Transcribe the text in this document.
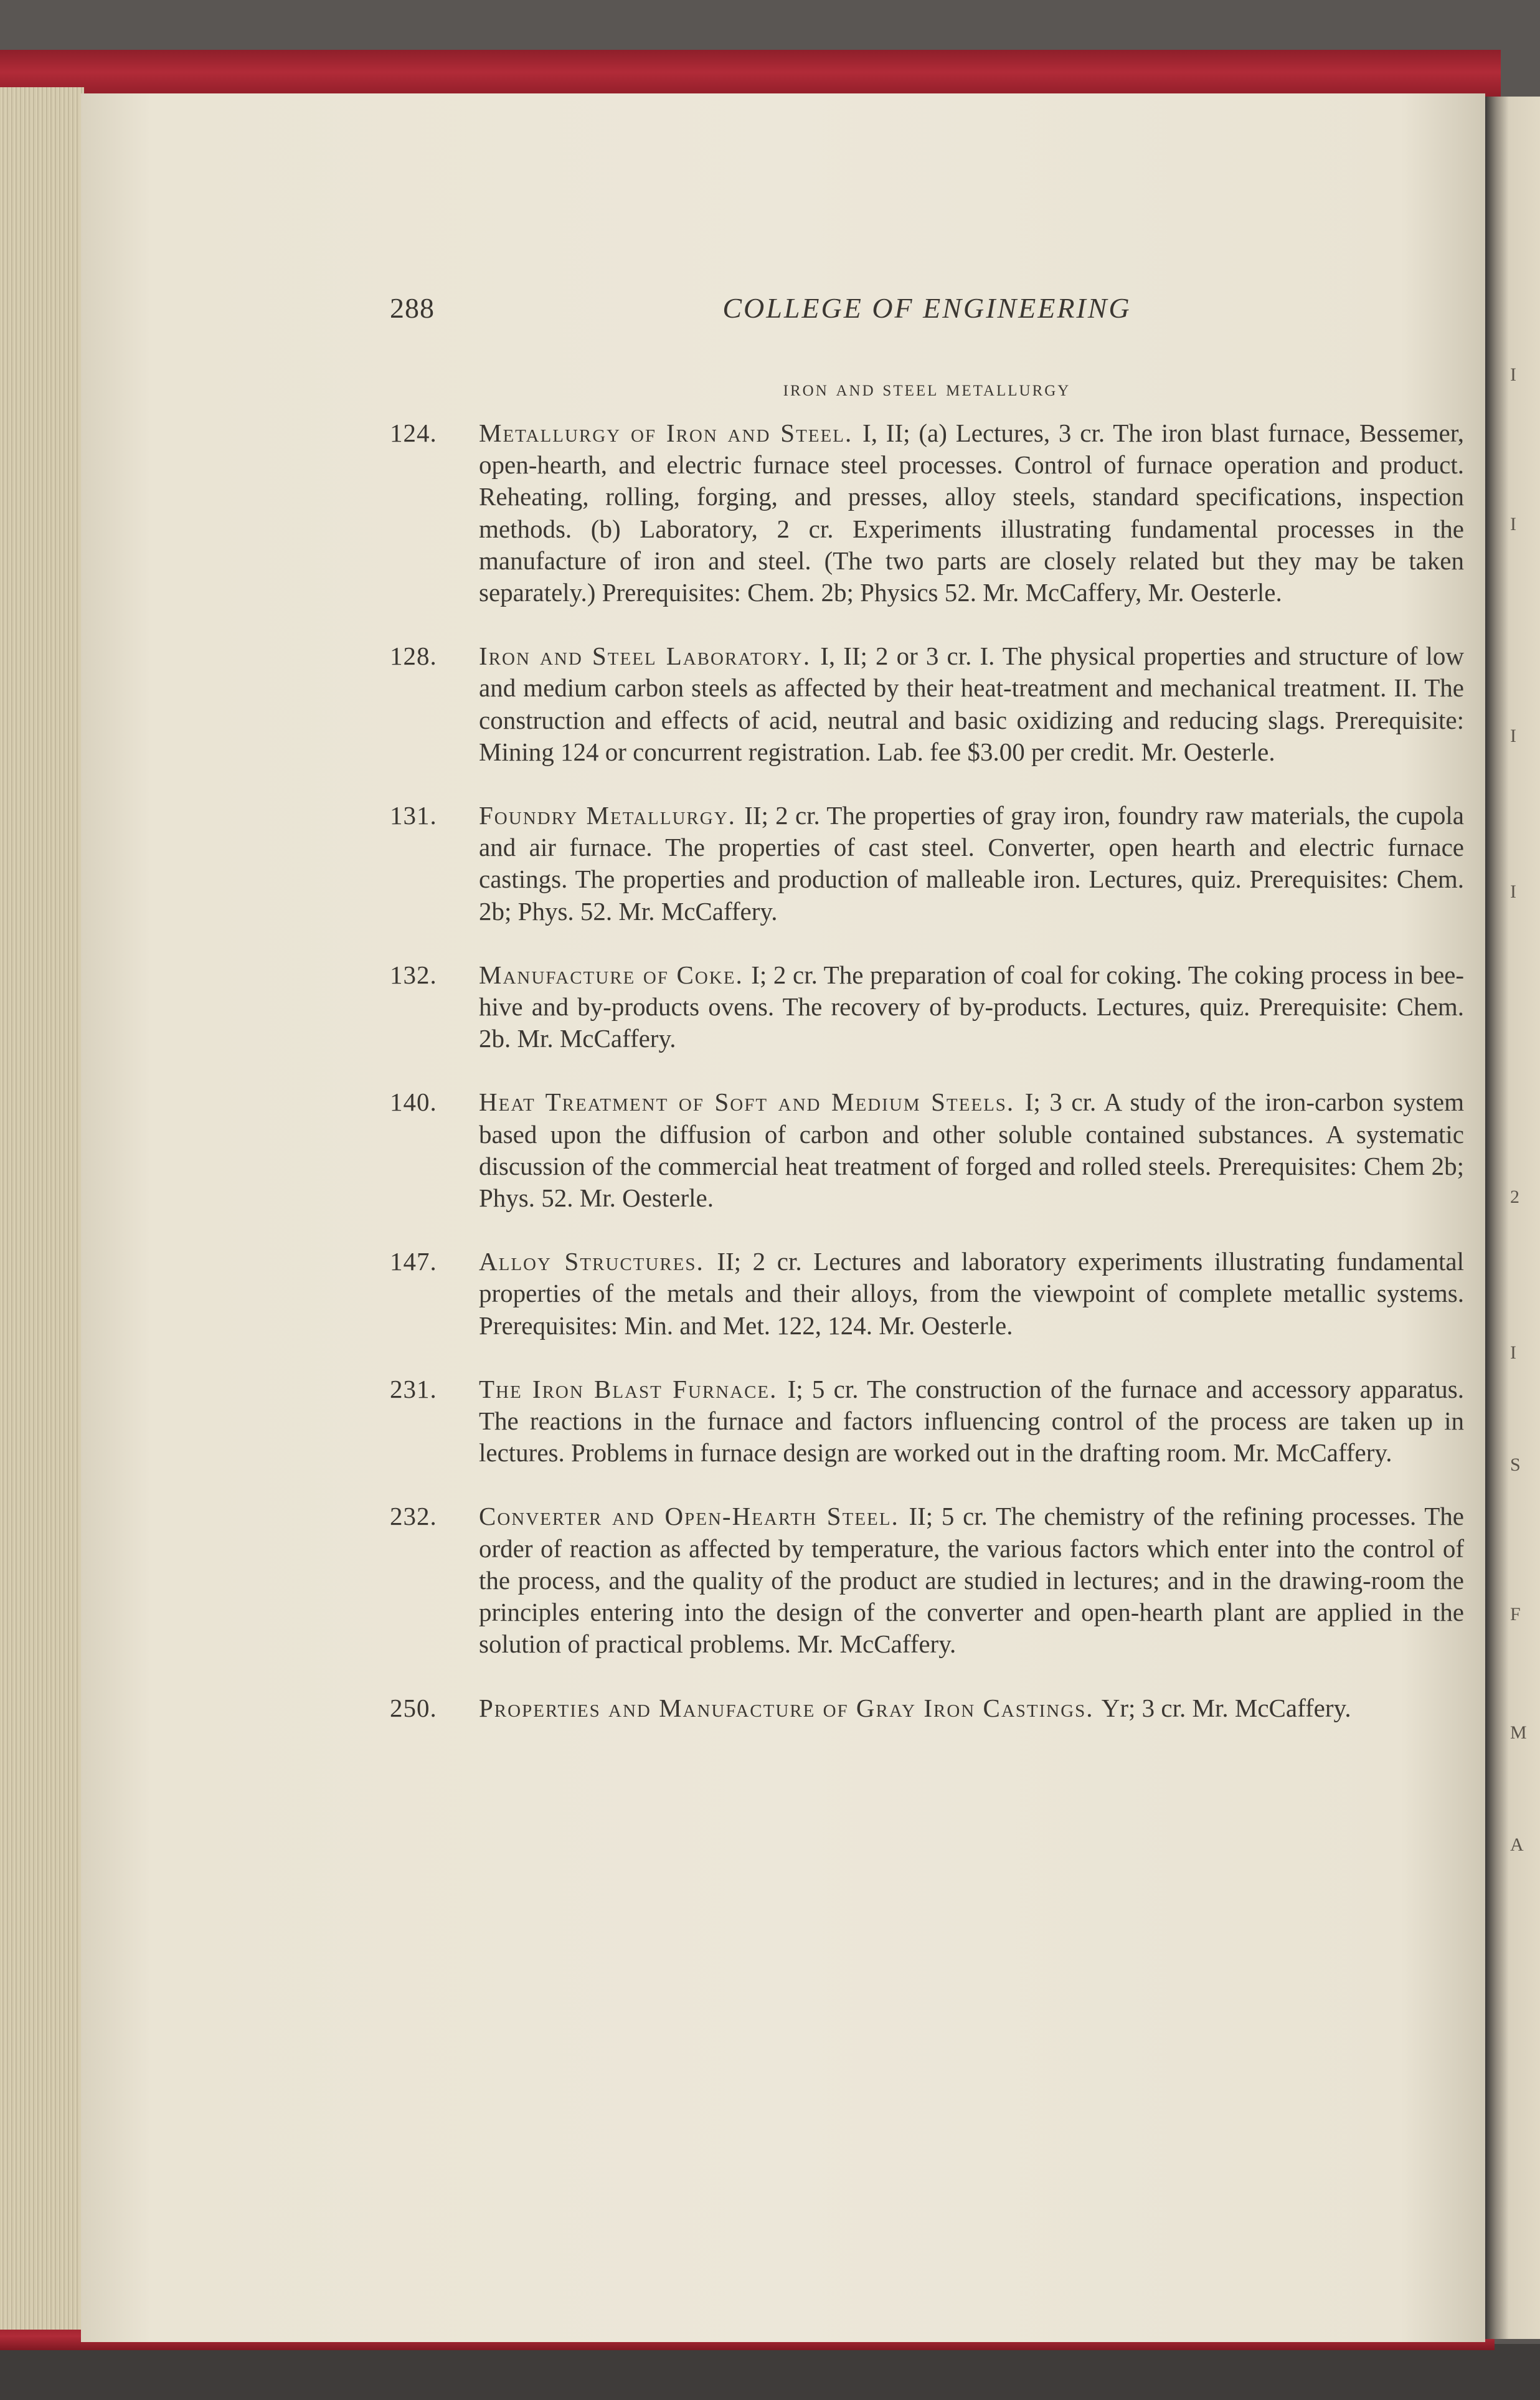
I
I
I
I
2
I
S
F
M
A
288	COLLEGE OF ENGINEERING
iron and steel metallurgy
124. Metallurgy of Iron and Steel. I, II; (a) Lectures, 3 cr. The iron blast furnace, Bessemer, open-hearth, and electric furnace steel processes. Control of furnace operation and product. Reheating, rolling, forging, and presses, alloy steels, standard specifications, inspection methods. (b) Laboratory, 2 cr. Experiments illustrating fundamental processes in the manufacture of iron and steel. (The two parts are closely related but they may be taken separately.) Prerequisites: Chem. 2b; Physics 52. Mr. McCaffery, Mr. Oesterle.
128. Iron and Steel Laboratory. I, II; 2 or 3 cr. I. The physical properties and structure of low and medium carbon steels as affected by their heat-treatment and mechanical treatment. II. The construction and effects of acid, neutral and basic oxidizing and reducing slags. Prerequisite: Mining 124 or concurrent registration. Lab. fee $3.00 per credit. Mr. Oesterle.
131. Foundry Metallurgy. II; 2 cr. The properties of gray iron, foundry raw materials, the cupola and air furnace. The properties of cast steel. Converter, open hearth and electric furnace castings. The properties and production of malleable iron. Lectures, quiz. Prerequisites: Chem. 2b; Phys. 52. Mr. McCaffery.
132. Manufacture of Coke. I; 2 cr. The preparation of coal for coking. The coking process in bee-hive and by-products ovens. The recovery of by-products. Lectures, quiz. Prerequisite: Chem. 2b. Mr. McCaffery.
140. Heat Treatment of Soft and Medium Steels. I; 3 cr. A study of the iron-carbon system based upon the diffusion of carbon and other soluble contained substances. A systematic discussion of the commercial heat treatment of forged and rolled steels. Prerequisites: Chem 2b; Phys. 52. Mr. Oesterle.
147. Alloy Structures. II; 2 cr. Lectures and laboratory experiments illustrating fundamental properties of the metals and their alloys, from the viewpoint of complete metallic systems. Prerequisites: Min. and Met. 122, 124. Mr. Oesterle.
231. The Iron Blast Furnace. I; 5 cr. The construction of the furnace and accessory apparatus. The reactions in the furnace and factors influencing control of the process are taken up in lectures. Problems in furnace design are worked out in the drafting room. Mr. McCaffery.
232. Converter and Open-Hearth Steel. II; 5 cr. The chemistry of the refining processes. The order of reaction as affected by temperature, the various factors which enter into the control of the process, and the quality of the product are studied in lectures; and in the drawing-room the principles entering into the design of the converter and open-hearth plant are applied in the solution of practical problems. Mr. McCaffery.
250. Properties and Manufacture of Gray Iron Castings. Yr; 3 cr. Mr. McCaffery.
